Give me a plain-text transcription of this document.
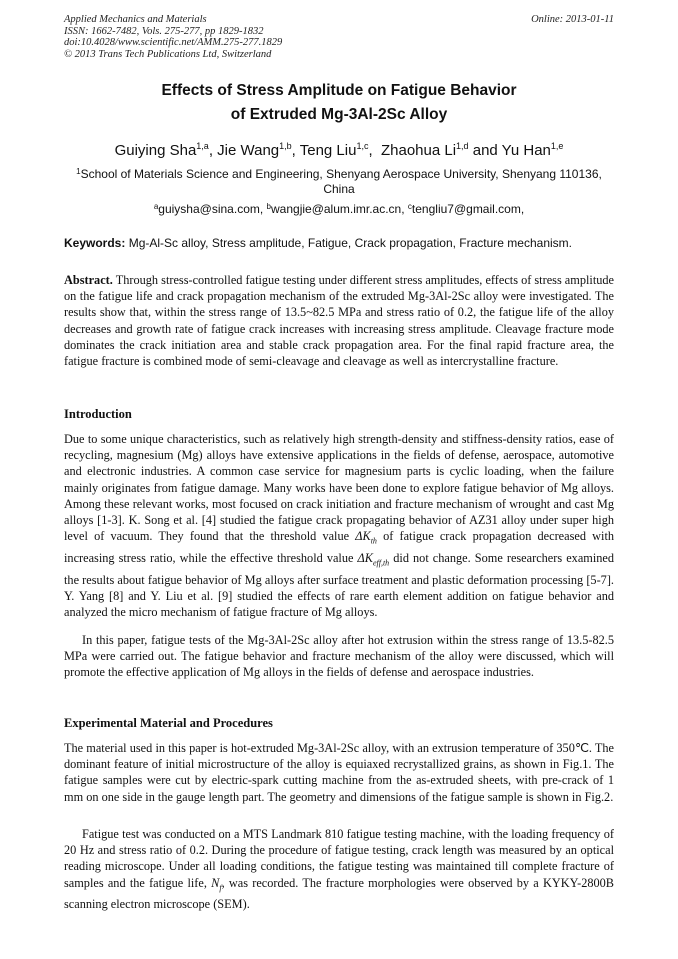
Applied Mechanics and Materials
ISSN: 1662-7482, Vols. 275-277, pp 1829-1832
doi:10.4028/www.scientific.net/AMM.275-277.1829
© 2013 Trans Tech Publications Ltd, Switzerland
Online: 2013-01-11
Effects of Stress Amplitude on Fatigue Behavior
of Extruded Mg-3Al-2Sc Alloy
Guiying Sha$^{1,a}$, Jie Wang$^{1,b}$, Teng Liu$^{1,c}$, Zhaohua Li$^{1,d}$ and Yu Han$^{1,e}$
$^1$School of Materials Science and Engineering, Shenyang Aerospace University, Shenyang 110136, China
$^a$guiysha@sina.com, $^b$wangjie@alum.imr.ac.cn, $^c$tengliu7@gmail.com,
Keywords: Mg-Al-Sc alloy, Stress amplitude, Fatigue, Crack propagation, Fracture mechanism.
Abstract. Through stress-controlled fatigue testing under different stress amplitudes, effects of stress amplitude on the fatigue life and crack propagation mechanism of the extruded Mg-3Al-2Sc alloy were investigated. The results show that, within the stress range of 13.5~82.5 MPa and stress ratio of 0.2, the fatigue life of the alloy decreases and growth rate of fatigue crack increases with increasing stress amplitude. Cleavage fracture mode dominates the crack initiation area and stable crack propagation area. For the final rapid fracture area, the fatigue fracture is combined mode of semi-cleavage and cleavage as well as intercrystalline fracture.
Introduction
Due to some unique characteristics, such as relatively high strength-density and stiffness-density ratios, ease of recycling, magnesium (Mg) alloys have extensive applications in the fields of defense, aerospace, automotive and electronic industries. A common case service for magnesium parts is cyclic loading, when the failure mainly originates from fatigue damage. Many works have been done to explore fatigue behavior of Mg alloys. Among these relevant works, most focused on crack initiation and fracture mechanism of wrought and cast Mg alloys [1-3]. K. Song et al. [4] studied the fatigue crack propagating behavior of AZ31 alloy under super high level of vacuum. They found that the threshold value $\Delta K_{th}$ of fatigue crack propagation decreased with increasing stress ratio, while the effective threshold value $\Delta K_{eff,th}$ did not change. Some researchers examined the results about fatigue behavior of Mg alloys after surface treatment and plastic deformation processing [5-7]. Y. Yang [8] and Y. Liu et al. [9] studied the effects of rare earth element addition on fatigue behavior and analyzed the micro mechanism of fatigue fracture of Mg alloys.
In this paper, fatigue tests of the Mg-3Al-2Sc alloy after hot extrusion within the stress range of 13.5-82.5 MPa were carried out. The fatigue behavior and fracture mechanism of the alloy were discussed, which will promote the effective application of Mg alloys in the fields of defense and aerospace industries.
Experimental Material and Procedures
The material used in this paper is hot-extruded Mg-3Al-2Sc alloy, with an extrusion temperature of 350℃. The dominant feature of initial microstructure of the alloy is equiaxed recrystallized grains, as shown in Fig.1. The fatigue samples were cut by electric-spark cutting machine from the as-extruded sheets, with pre-crack of 1 mm on one side in the gauge length part. The geometry and dimensions of the fatigue sample is shown in Fig.2.
Fatigue test was conducted on a MTS Landmark 810 fatigue testing machine, with the loading frequency of 20 Hz and stress ratio of 0.2. During the procedure of fatigue testing, crack length was measured by an optical reading microscope. Under all loading conditions, the fatigue testing was maintained till complete fracture of samples and the fatigue life, $N_f$, was recorded. The fracture morphologies were observed by a KYKY-2800B scanning electron microscope (SEM).
